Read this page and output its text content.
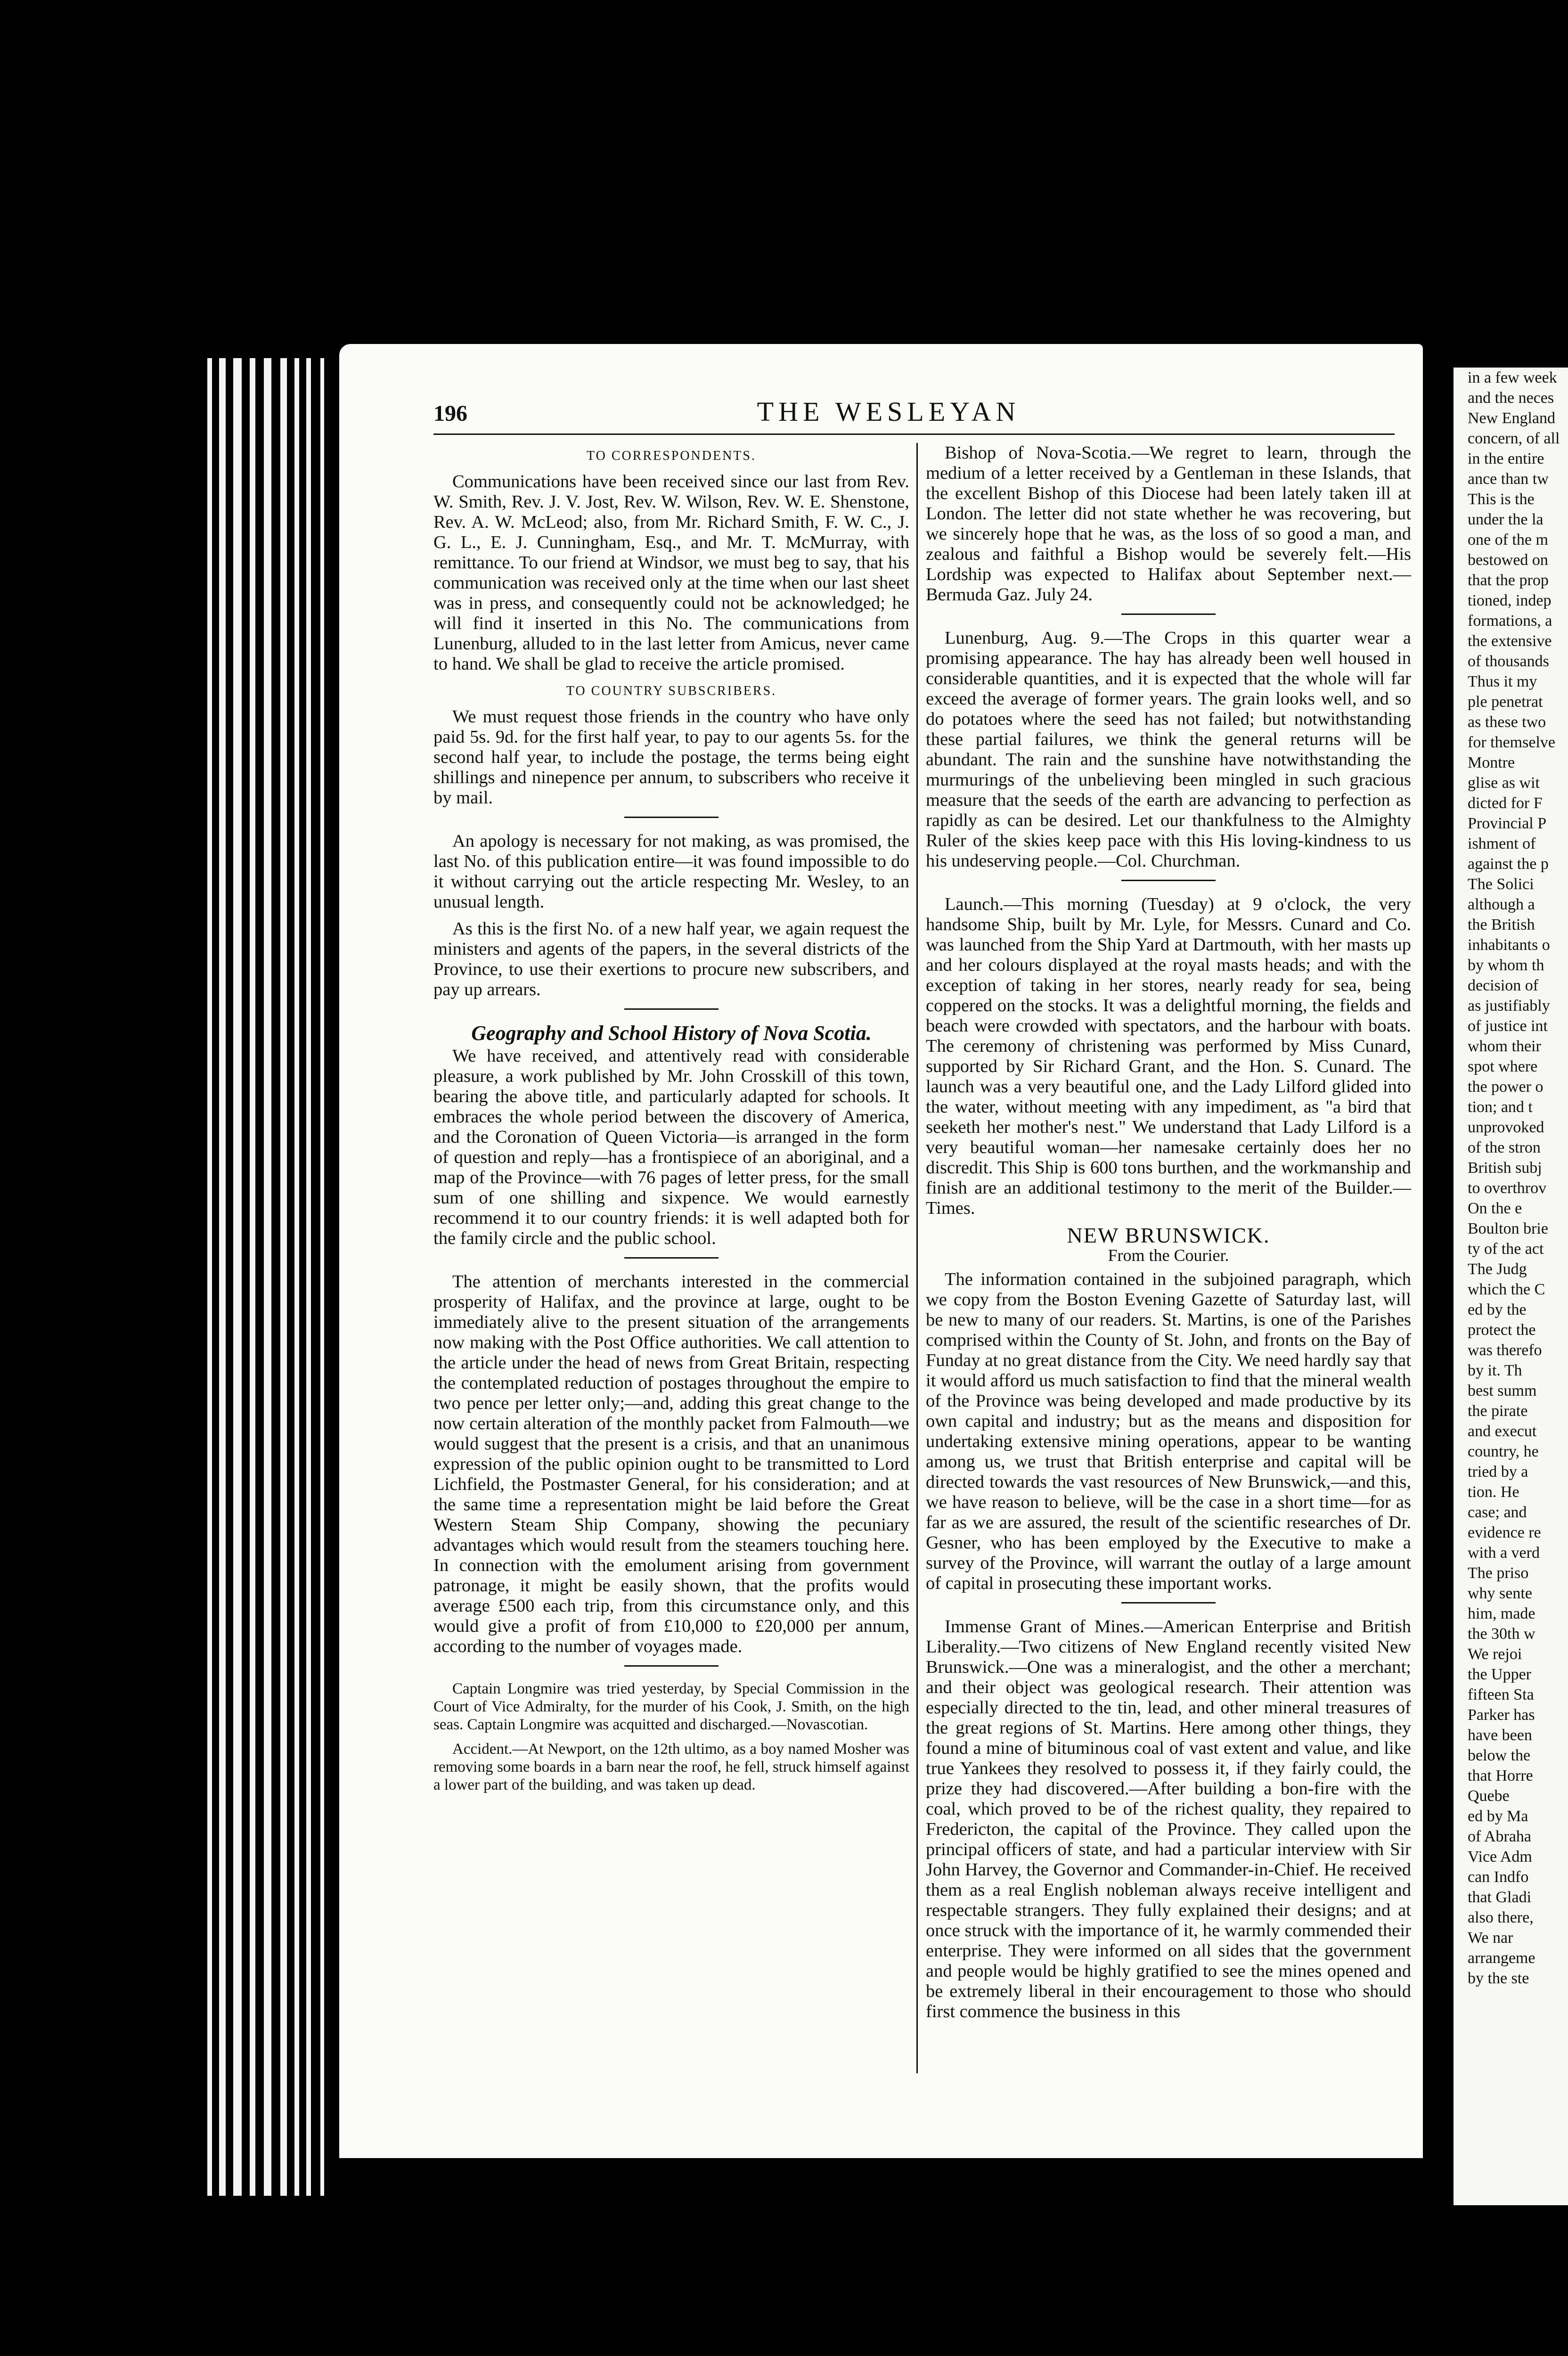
196	THE WESLEYAN
TO CORRESPONDENTS.

Communications have been received since our last from Rev. W. Smith, Rev. J. V. Jost, Rev. W. Wilson, Rev. W. E. Shenstone, Rev. A. W. McLeod; also, from Mr. Richard Smith, F. W. C., J. G. L., E. J. Cunningham, Esq., and Mr. T. McMurray, with remittance. To our friend at Windsor, we must beg to say, that his communication was received only at the time when our last sheet was in press, and consequently could not be acknowledged; he will find it inserted in this No. The communications from Lunenburg, alluded to in the last letter from Amicus, never came to hand. We shall be glad to receive the article promised.

TO COUNTRY SUBSCRIBERS.

We must request those friends in the country who have only paid 5s. 9d. for the first half year, to pay to our agents 5s. for the second half year, to include the postage, the terms being eight shillings and ninepence per annum, to subscribers who receive it by mail.

An apology is necessary for not making, as was promised, the last No. of this publication entire—it was found impossible to do it without carrying out the article respecting Mr. Wesley, to an unusual length.

As this is the first No. of a new half year, we again request the ministers and agents of the papers, in the several districts of the Province, to use their exertions to procure new subscribers, and pay up arrears.

Geography and School History of Nova Scotia.

We have received, and attentively read with considerable pleasure, a work published by Mr. John Crosskill of this town, bearing the above title, and particularly adapted for schools. It embraces the whole period between the discovery of America, and the Coronation of Queen Victoria—is arranged in the form of question and reply—has a frontispiece of an aboriginal, and a map of the Province—with 76 pages of letter press, for the small sum of one shilling and sixpence. We would earnestly recommend it to our country friends: it is well adapted both for the family circle and the public school.

The attention of merchants interested in the commercial prosperity of Halifax, and the province at large, ought to be immediately alive to the present situation of the arrangements now making with the Post Office authorities. We call attention to the article under the head of news from Great Britain, respecting the contemplated reduction of postages throughout the empire to two pence per letter only;—and, adding this great change to the now certain alteration of the monthly packet from Falmouth—we would suggest that the present is a crisis, and that an unanimous expression of the public opinion ought to be transmitted to Lord Lichfield, the Postmaster General, for his consideration; and at the same time a representation might be laid before the Great Western Steam Ship Company, showing the pecuniary advantages which would result from the steamers touching here. In connection with the emolument arising from government patronage, it might be easily shown, that the profits would average £500 each trip, from this circumstance only, and this would give a profit of from £10,000 to £20,000 per annum, according to the number of voyages made.

Captain Longmire was tried yesterday, by Special Commission in the Court of Vice Admiralty, for the murder of his Cook, J. Smith, on the high seas. Captain Longmire was acquitted and discharged.—Novascotian.

Accident.—At Newport, on the 12th ultimo, as a boy named Mosher was removing some boards in a barn near the roof, he fell, struck himself against a lower part of the building, and was taken up dead.

Bishop of Nova-Scotia.—We regret to learn, through the medium of a letter received by a Gentleman in these Islands, that the excellent Bishop of this Diocese had been lately taken ill at London. The letter did not state whether he was recovering, but we sincerely hope that he was, as the loss of so good a man, and zealous and faithful a Bishop would be severely felt.—His Lordship was expected to Halifax about September next.—Bermuda Gaz. July 24.

Lunenburg, Aug. 9.—The Crops in this quarter wear a promising appearance. The hay has already been well housed in considerable quantities, and it is expected that the whole will far exceed the average of former years. The grain looks well, and so do potatoes where the seed has not failed; but notwithstanding these partial failures, we think the general returns will be abundant. The rain and the sunshine have notwithstanding the murmurings of the unbelieving been mingled in such gracious measure that the seeds of the earth are advancing to perfection as rapidly as can be desired. Let our thankfulness to the Almighty Ruler of the skies keep pace with this His loving-kindness to us his undeserving people.—Col. Churchman.

Launch.—This morning (Tuesday) at 9 o'clock, the very handsome Ship, built by Mr. Lyle, for Messrs. Cunard and Co. was launched from the Ship Yard at Dartmouth, with her masts up and her colours displayed at the royal masts heads; and with the exception of taking in her stores, nearly ready for sea, being coppered on the stocks. It was a delightful morning, the fields and beach were crowded with spectators, and the harbour with boats. The ceremony of christening was performed by Miss Cunard, supported by Sir Richard Grant, and the Hon. S. Cunard. The launch was a very beautiful one, and the Lady Lilford glided into the water, without meeting with any impediment, as "a bird that seeketh her mother's nest." We understand that Lady Lilford is a very beautiful woman—her namesake certainly does her no discredit. This Ship is 600 tons burthen, and the workmanship and finish are an additional testimony to the merit of the Builder.—Times.

NEW BRUNSWICK.
From the Courier.

The information contained in the subjoined paragraph, which we copy from the Boston Evening Gazette of Saturday last, will be new to many of our readers. St. Martins, is one of the Parishes comprised within the County of St. John, and fronts on the Bay of Funday at no great distance from the City. We need hardly say that it would afford us much satisfaction to find that the mineral wealth of the Province was being developed and made productive by its own capital and industry; but as the means and disposition for undertaking extensive mining operations, appear to be wanting among us, we trust that British enterprise and capital will be directed towards the vast resources of New Brunswick,—and this, we have reason to believe, will be the case in a short time—for as far as we are assured, the result of the scientific researches of Dr. Gesner, who has been employed by the Executive to make a survey of the Province, will warrant the outlay of a large amount of capital in prosecuting these important works.

Immense Grant of Mines.—American Enterprise and British Liberality.—Two citizens of New England recently visited New Brunswick.—One was a mineralogist, and the other a merchant; and their object was geological research. Their attention was especially directed to the tin, lead, and other mineral treasures of the great regions of St. Martins. Here among other things, they found a mine of bituminous coal of vast extent and value, and like true Yankees they resolved to possess it, if they fairly could, the prize they had discovered.—After building a bon-fire with the coal, which proved to be of the richest quality, they repaired to Fredericton, the capital of the Province. They called upon the principal officers of state, and had a particular interview with Sir John Harvey, the Governor and Commander-in-Chief. He received them as a real English nobleman always receive intelligent and respectable strangers. They fully explained their designs; and at once struck with the importance of it, he warmly commended their enterprise. They were informed on all sides that the government and people would be highly gratified to see the mines opened and be extremely liberal in their encouragement to those who should first commence the business in this

in a few week
and the neces
New England
concern, of all
in the entire
ance than tw
This is the
under the la
one of the m
bestowed on
that the prop
tioned, indep
formations, a
the extensive
of thousands
Thus it my
ple penetrat
as these two
for themselve
Montre
glise as wit
dicted for F
Provincial P
ishment of
against the p
The Solici
although a
the British
inhabitants o
by whom th
decision of
as justifiably
of justice int
whom their
spot where
the power o
tion; and t
unprovoked
of the stron
British subj
to overthrov
On the e
Boulton brie
ty of the act
The Judg
which the C
ed by the
protect the
was therefo
by it. Th
best summ
the pirate
and execut
country, he
tried by a
tion. He
case; and
evidence re
with a verd
The priso
why sente
him, made
the 30th w
We rejoi
the Upper
fifteen Sta
Parker has
have been
below the
that Horre
Quebe
ed by Ma
of Abraha
Vice Adm
can Indfo
that Gladi
also there,
We nar
arrangeme
by the ste
